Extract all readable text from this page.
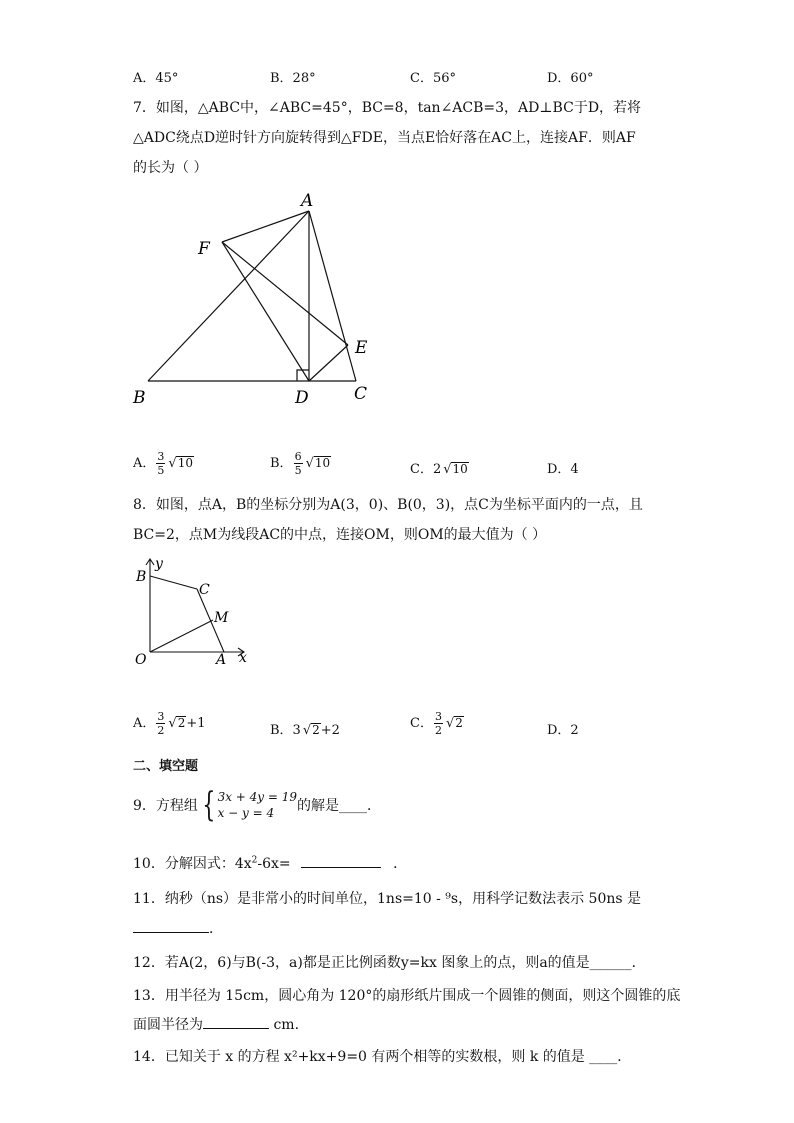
A．45°	B．28°	C．56°	D．60°
7．如图，△ABC中，∠ABC=45°，BC=8，tan∠ACB=3，AD⊥BC于D，若将
△ADC绕点D逆时针方向旋转得到△FDE，当点E恰好落在AC上，连接AF．则AF
的长为（ ）
A
F
E
B	D	C
A． $\frac{3}{5}$ √ 10	B． $\frac{6}{5}$ √ 10	C．2 √ 10	D．4
8．如图，点A，B的坐标分别为A(3，0)、B(0，3)，点C为坐标平面内的一点，且
BC=2，点M为线段AC的中点，连接OM，则OM的最大值为（ ）
y
B
C
M
O	A x
A． $\frac{3}{2}$ √ 2+1	B．3 √ 2+2	C． $\frac{3}{2}$ √ 2	D．2
二、填空题
9．方程组 { 3x + 4y = 19
x − y = 4	的解是____．
10．分解因式：$4x^2-6x=$	．
11．纳秒（ns）是非常小的时间单位，1ns=10 - ⁹s，用科学记数法表示 50ns 是
．
12．若A(2，6)与B(-3，a)都是正比例函数y=kx 图象上的点，则a的值是______．
13．用半径为 15cm，圆心角为 120°的扇形纸片围成一个圆锥的侧面，则这个圆锥的底
面圆半径为	cm.
14．已知关于 x 的方程 x²+kx+9=0 有两个相等的实数根，则 k 的值是 ____．
